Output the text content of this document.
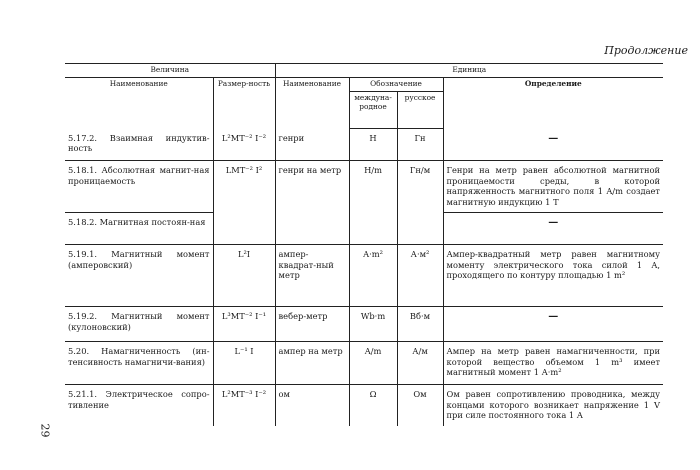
Продолжение
29
Величина		Единица			
Наименование	Размер-ность	Наименование	Обозначение		Определение
			междуна-родное	русское	
5.17.2. Взаимная индуктив-ность	L²MT⁻² I⁻²	генри	H	Гн	—
5.18.1. Абсолютная магнит-ная проницаемость	LMT⁻² I²	генри на метр	H/m	Гн/м	Генри на метр равен абсолютной магнитной проницаемости среды, в которой напряженность магнитного поля 1 A/m создает магнитную индукцию 1 T
5.18.2. Магнитная постоян-ная					—
5.19.1. Магнитный момент (амперовский)	L²I	ампер-квадрат-ный метр	A·m²	А·м²	Ампер-квадратный метр равен магнитному моменту электрического тока силой 1 A, проходящего по контуру площадью 1 m²
5.19.2. Магнитный момент (кулоновский)	L³MT⁻² I⁻¹	вебер-метр	Wb·m	Вб·м	—
5.20. Намагниченность (ин-тенсивность намагничи-вания)	L⁻¹ I	ампер на метр	A/m	А/м	Ампер на метр равен намагниченности, при которой вещество объемом 1 m³ имеет магнитный момент 1 A·m²
5.21.1. Электрическое сопро-тивление	L²MT⁻³ I⁻²	ом	Ω	Ом	Ом равен сопротивлению проводника, между концами которого возникает напряжение 1 V при силе постоянного тока 1 A
